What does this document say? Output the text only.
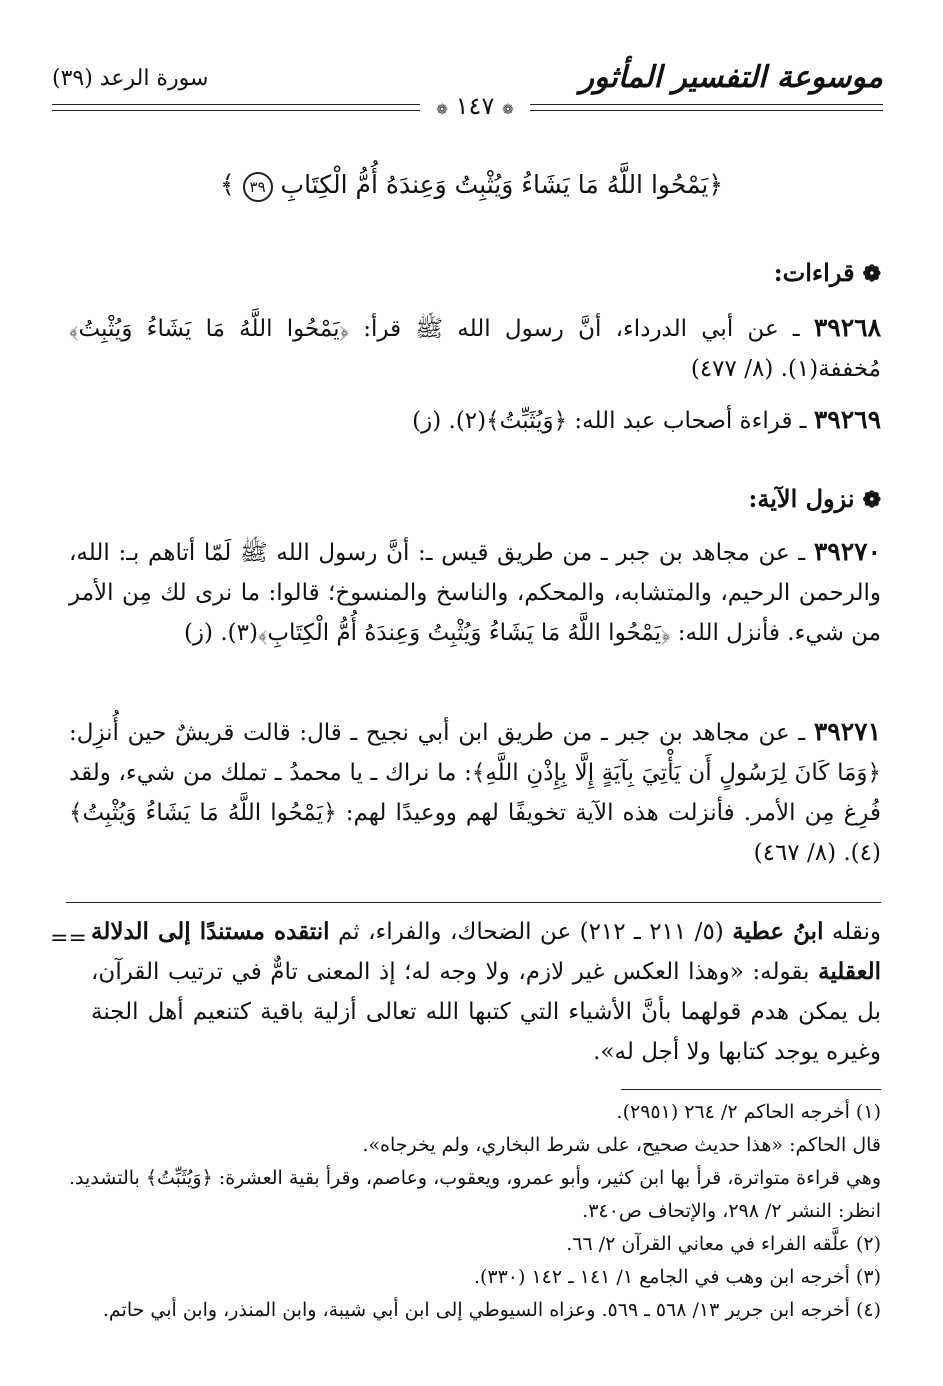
سورة الرعد (٣٩)	موسوعة التفسير المأثور
❁ ١٤٧ ❁
﴿يَمْحُوا اللَّهُ مَا يَشَاءُ وَيُثْبِتُ وَعِندَهُ أُمُّ الْكِتَابِ ٣٩ ﴾
❁قراءات:
٣٩٢٦٨ ـ عن أبي الدرداء، أنَّ رسول الله ﷺ قرأ: ﴿يَمْحُوا اللَّهُ مَا يَشَاءُ وَيُثْبِتُ﴾ مُخففة(١). (٨/ ٤٧٧)
٣٩٢٦٩ ـ قراءة أصحاب عبد الله: ﴿وَيُثَبِّتُ﴾(٢). (ز)
❁نزول الآية:
٣٩٢٧٠ ـ عن مجاهد بن جبر ـ من طريق قيس ـ: أنَّ رسول الله ﷺ لَمّا أتاهم بـ: الله، والرحمن الرحيم، والمتشابه، والمحكم، والناسخ والمنسوخ؛ قالوا: ما نرى لك مِن الأمر من شيء. فأنزل الله: ﴿يَمْحُوا اللَّهُ مَا يَشَاءُ وَيُثْبِتُ وَعِندَهُ أُمُّ الْكِتَابِ﴾(٣). (ز)
٣٩٢٧١ ـ عن مجاهد بن جبر ـ من طريق ابن أبي نجيح ـ قال: قالت قريشٌ حين أُنزِل: ﴿وَمَا كَانَ لِرَسُولٍ أَن يَأْتِيَ بِآيَةٍ إِلَّا بِإِذْنِ اللَّهِ﴾: ما نراك ـ يا محمدُ ـ تملك من شيء، ولقد فُرِغ مِن الأمر. فأنزلت هذه الآية تخويفًا لهم ووعيدًا لهم: ﴿يَمْحُوا اللَّهُ مَا يَشَاءُ وَيُثْبِتُ﴾(٤). (٨/ ٤٦٧)
ونقله ابنُ عطية (٥/ ٢١١ ـ ٢١٢) عن الضحاك، والفراء، ثم انتقده مستندًا إلى الدلالة العقلية بقوله: «وهذا العكس غير لازم، ولا وجه له؛ إذ المعنى تامٌّ في ترتيب القرآن، بل يمكن هدم قولهما بأنَّ الأشياء التي كتبها الله تعالى أزلية باقية كتنعيم أهل الجنة وغيره يوجد كتابها ولا أجل له».
==
(١) أخرجه الحاكم ٢/ ٢٦٤ (٢٩٥١).
قال الحاكم: «هذا حديث صحيح، على شرط البخاري، ولم يخرجاه».
وهي قراءة متواترة، قرأ بها ابن كثير، وأبو عمرو، ويعقوب، وعاصم، وقرأ بقية العشرة: ﴿وَيُثَبِّتُ﴾ بالتشديد. انظر: النشر ٢/ ٢٩٨، والإتحاف ص٣٤٠.
(٢) علَّقه الفراء في معاني القرآن ٢/ ٦٦.
(٣) أخرجه ابن وهب في الجامع ١/ ١٤١ ـ ١٤٢ (٣٣٠).
(٤) أخرجه ابن جرير ١٣/ ٥٦٨ ـ ٥٦٩. وعزاه السيوطي إلى ابن أبي شيبة، وابن المنذر، وابن أبي حاتم.
